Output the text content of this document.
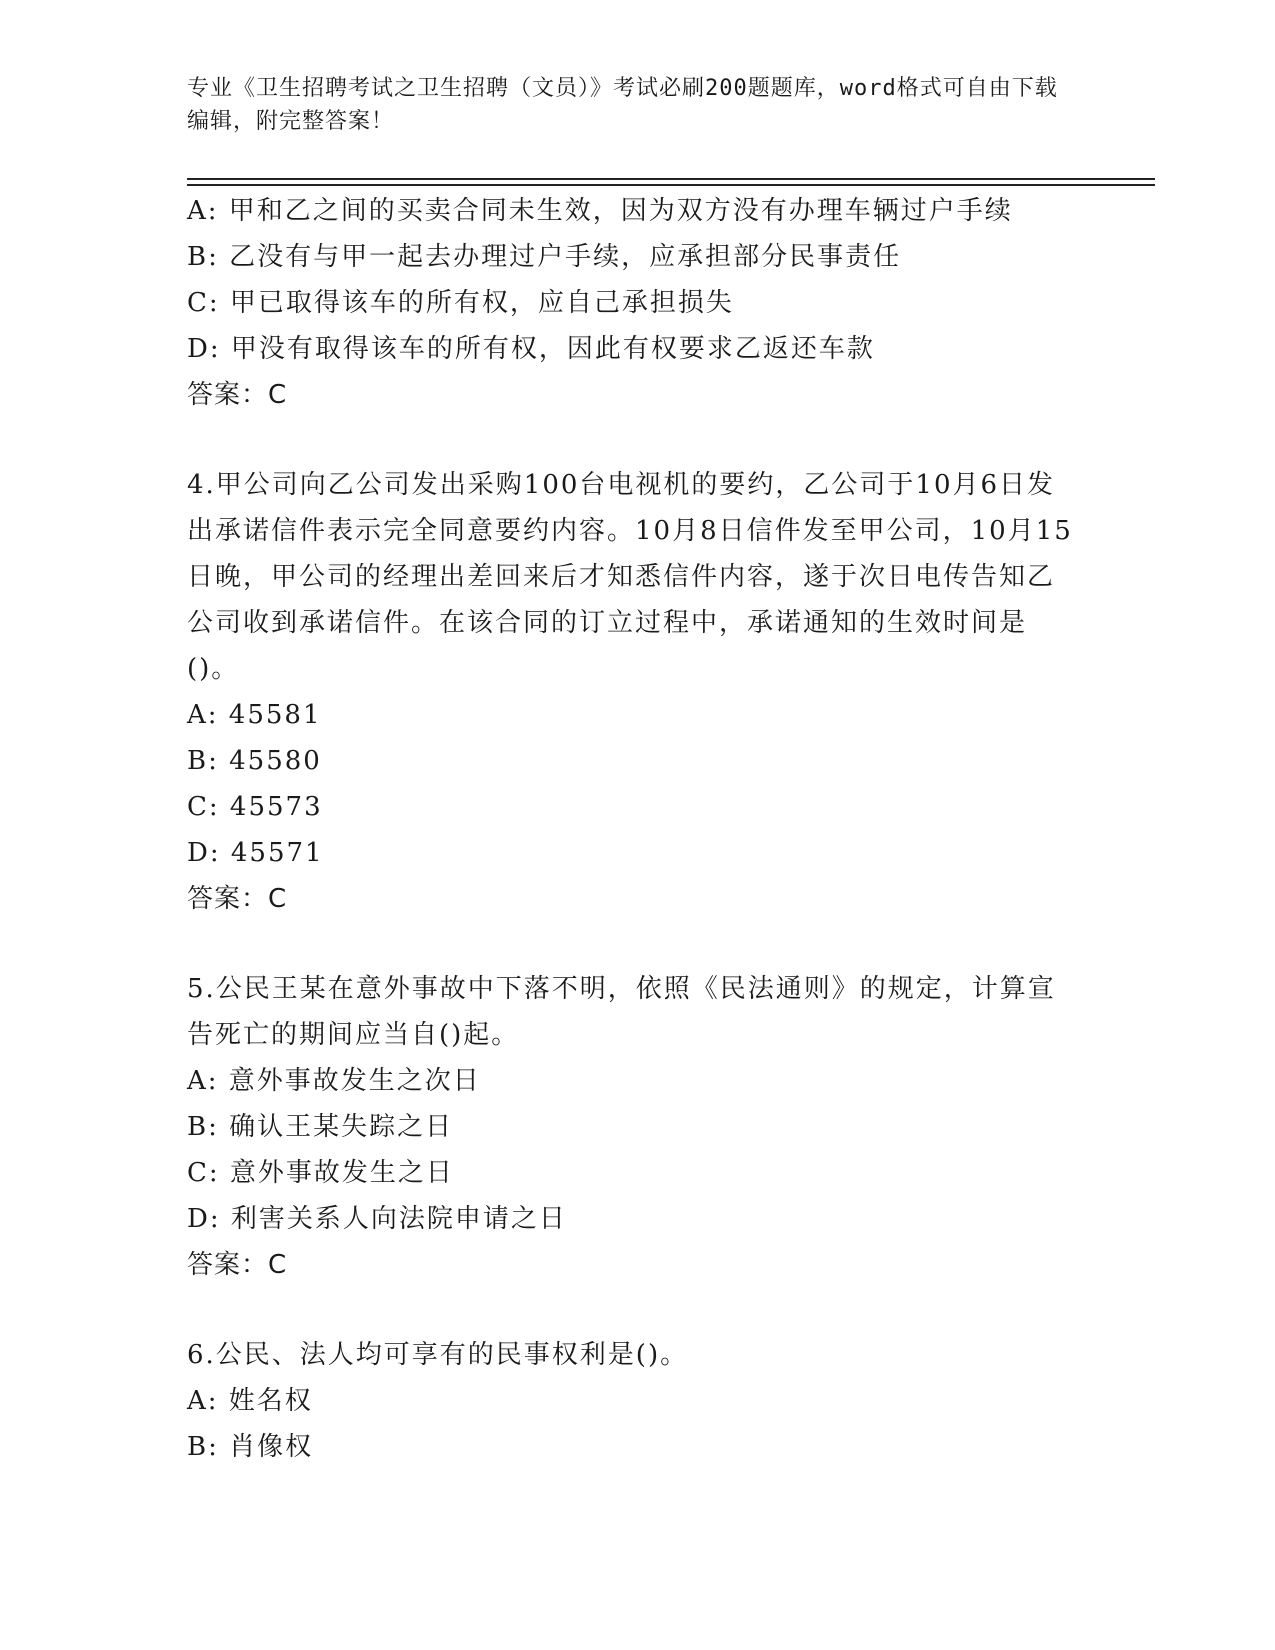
专业《卫生招聘考试之卫生招聘（文员）》考试必刷200题题库，word格式可自由下载编辑，附完整答案！
A: 甲和乙之间的买卖合同未生效，因为双方没有办理车辆过户手续
B: 乙没有与甲一起去办理过户手续，应承担部分民事责任
C: 甲已取得该车的所有权，应自己承担损失
D: 甲没有取得该车的所有权，因此有权要求乙返还车款
答案：C
4.甲公司向乙公司发出采购100台电视机的要约，乙公司于10月6日发出承诺信件表示完全同意要约内容。10月8日信件发至甲公司，10月15日晚，甲公司的经理出差回来后才知悉信件内容，遂于次日电传告知乙公司收到承诺信件。在该合同的订立过程中，承诺通知的生效时间是()。
A: 45581
B: 45580
C: 45573
D: 45571
答案：C
5.公民王某在意外事故中下落不明，依照《民法通则》的规定，计算宣告死亡的期间应当自()起。
A: 意外事故发生之次日
B: 确认王某失踪之日
C: 意外事故发生之日
D: 利害关系人向法院申请之日
答案：C
6.公民、法人均可享有的民事权利是()。
A: 姓名权
B: 肖像权
